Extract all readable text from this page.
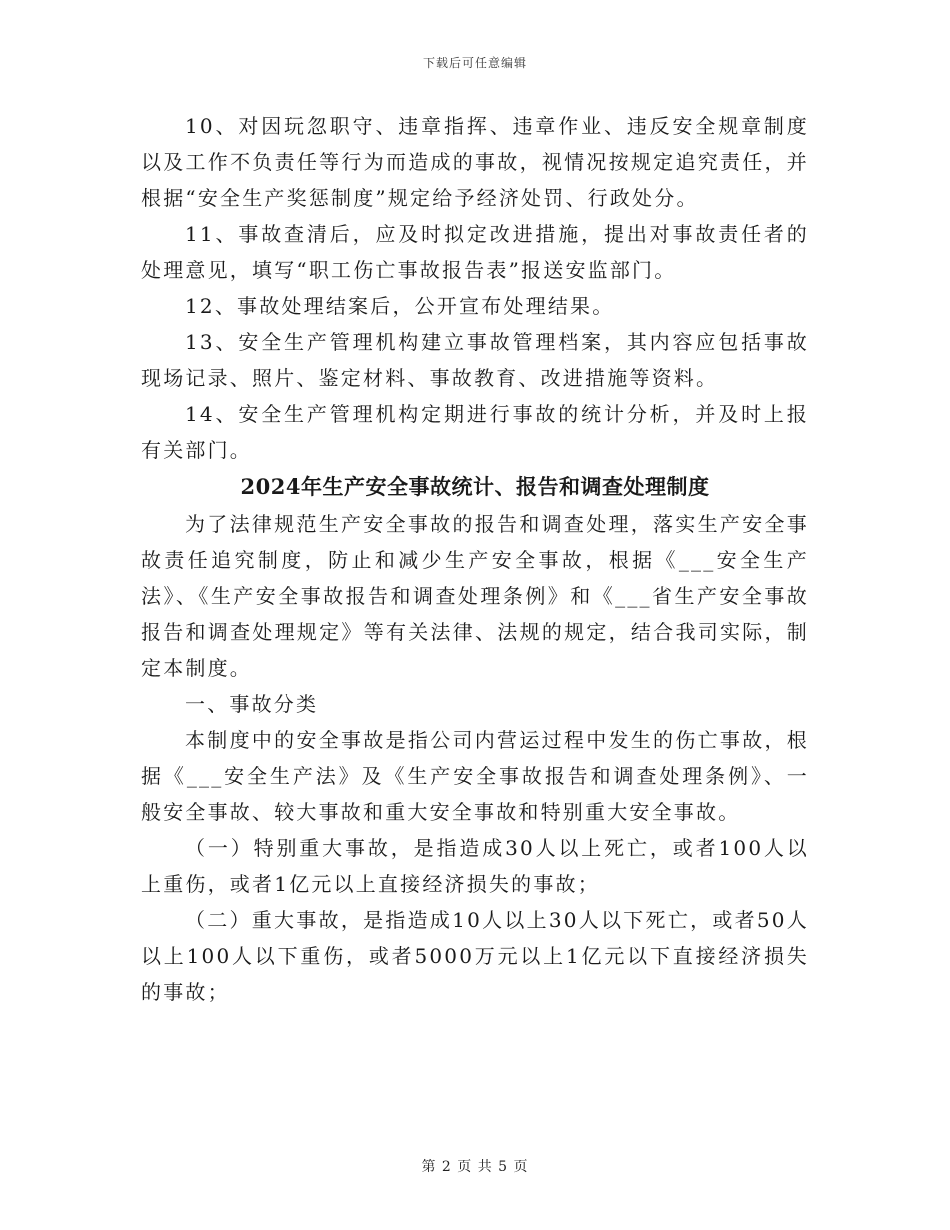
下载后可任意编辑

10、对因玩忽职守、违章指挥、违章作业、违反安全规章制度以及工作不负责任等行为而造成的事故，视情况按规定追究责任，并根据“安全生产奖惩制度”规定给予经济处罚、行政处分。

11、事故查清后，应及时拟定改进措施，提出对事故责任者的处理意见，填写“职工伤亡事故报告表”报送安监部门。

12、事故处理结案后，公开宣布处理结果。

13、安全生产管理机构建立事故管理档案，其内容应包括事故现场记录、照片、鉴定材料、事故教育、改进措施等资料。

14、安全生产管理机构定期进行事故的统计分析，并及时上报有关部门。

2024年生产安全事故统计、报告和调查处理制度

为了法律规范生产安全事故的报告和调查处理，落实生产安全事故责任追究制度，防止和减少生产安全事故，根据《___安全生产法》、《生产安全事故报告和调查处理条例》和《___省生产安全事故报告和调查处理规定》等有关法律、法规的规定，结合我司实际，制定本制度。

一、事故分类

本制度中的安全事故是指公司内营运过程中发生的伤亡事故，根据《___安全生产法》及《生产安全事故报告和调查处理条例》、一般安全事故、较大事故和重大安全事故和特别重大安全事故。

（一）特别重大事故，是指造成30人以上死亡，或者100人以上重伤，或者1亿元以上直接经济损失的事故；

（二）重大事故，是指造成10人以上30人以下死亡，或者50人以上100人以下重伤，或者5000万元以上1亿元以下直接经济损失的事故；

第 2 页 共 5 页
